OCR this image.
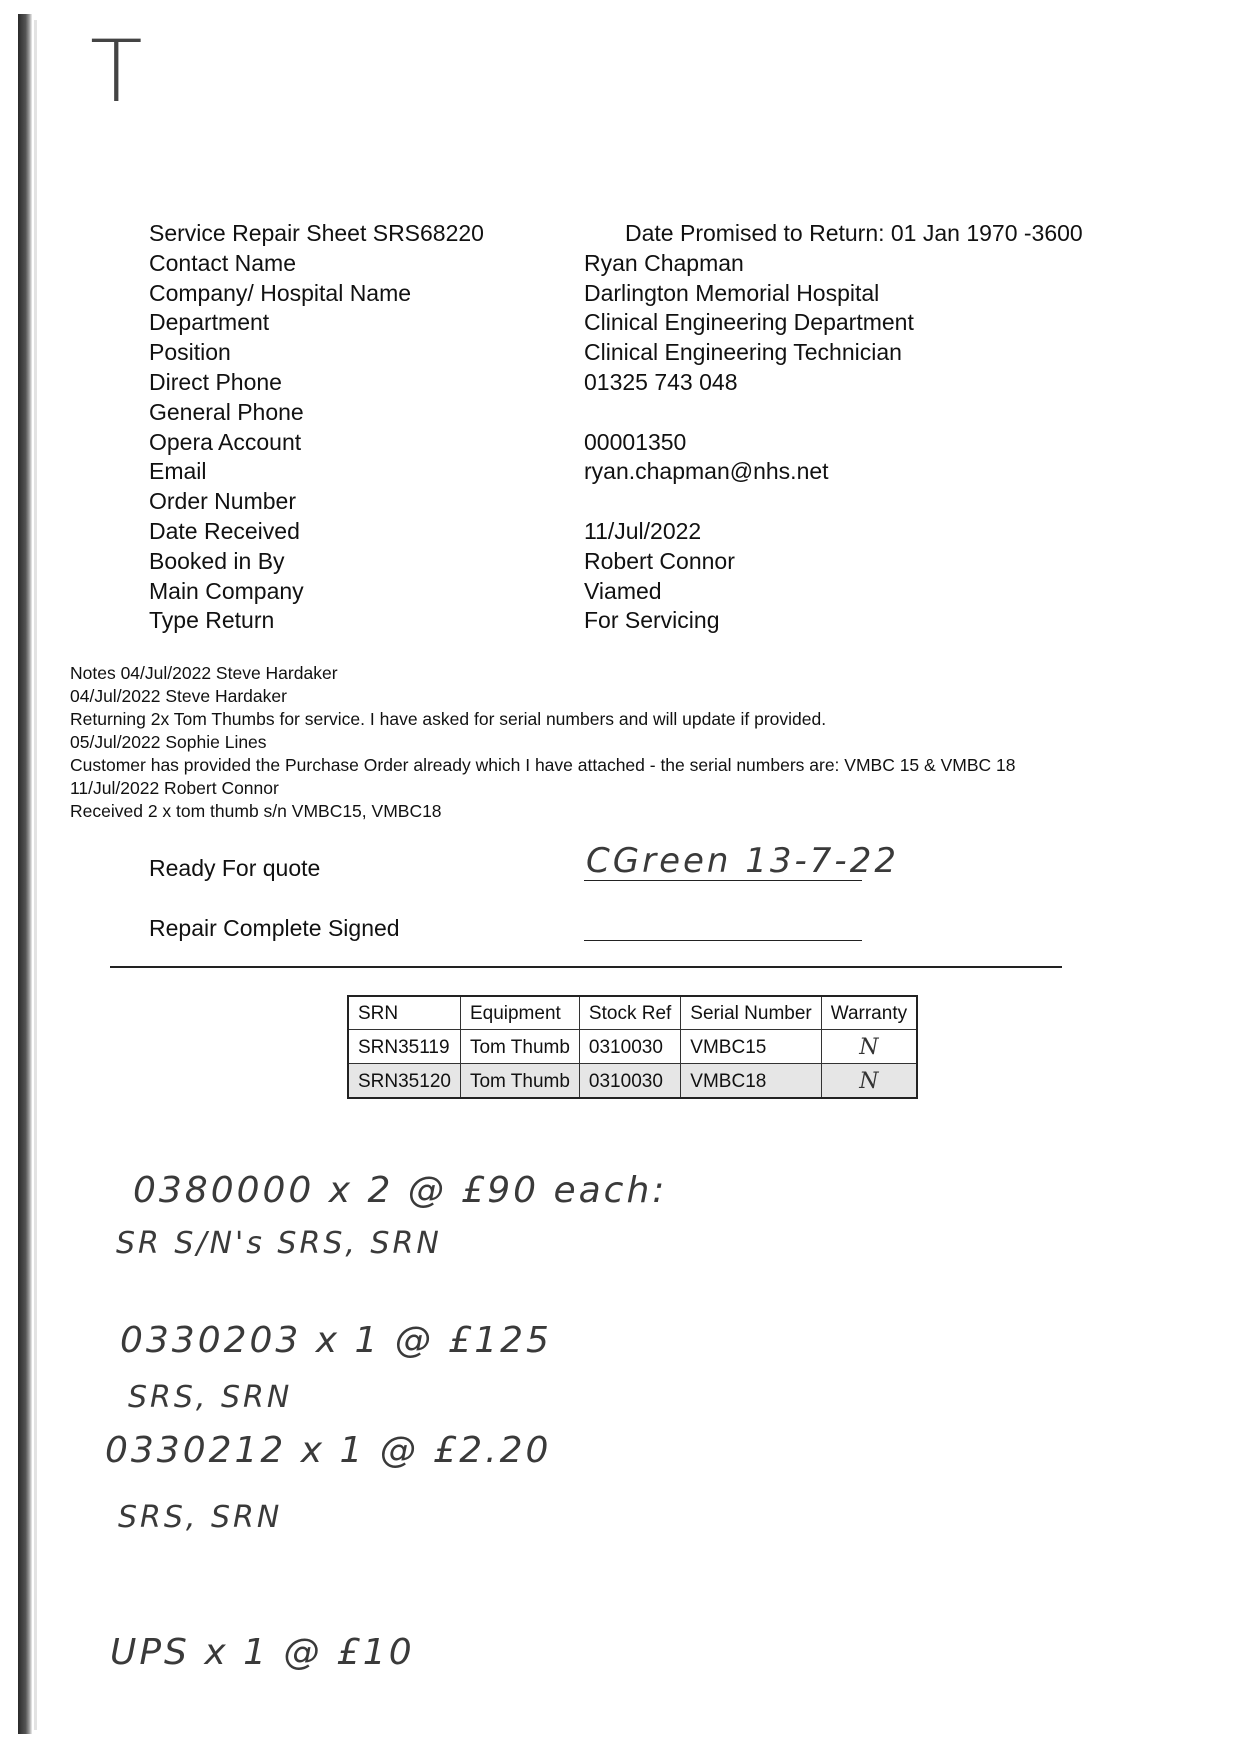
T
Service Repair Sheet SRS68220	Date Promised to Return: 01 Jan 1970 -3600
Contact Name	Ryan Chapman
Company/ Hospital Name	Darlington Memorial Hospital
Department	Clinical Engineering Department
Position	Clinical Engineering Technician
Direct Phone	01325 743 048
General Phone
Opera Account	00001350
Email	ryan.chapman@nhs.net
Order Number
Date Received	11/Jul/2022
Booked in By	Robert Connor
Main Company	Viamed
Type Return	For Servicing
Notes 04/Jul/2022 Steve Hardaker
04/Jul/2022 Steve Hardaker
Returning 2x Tom Thumbs for service. I have asked for serial numbers and will update if provided.
05/Jul/2022 Sophie Lines
Customer has provided the Purchase Order already which I have attached - the serial numbers are: VMBC 15 & VMBC 18
11/Jul/2022 Robert Connor
Received 2 x tom thumb s/n VMBC15, VMBC18
Ready For quote	CGreen 13-7-22
Repair Complete Signed
SRN	Equipment	Stock Ref	Serial Number	Warranty
SRN35119	Tom Thumb	0310030	VMBC15	N
SRN35120	Tom Thumb	0310030	VMBC18	N
0380000 x 2 @ £90 each:
SR S/N's SRS, SRN
0330203 x 1 @ £125
SRS, SRN
0330212 x 1 @ £2.20
SRS, SRN
UPS x 1 @ £10
